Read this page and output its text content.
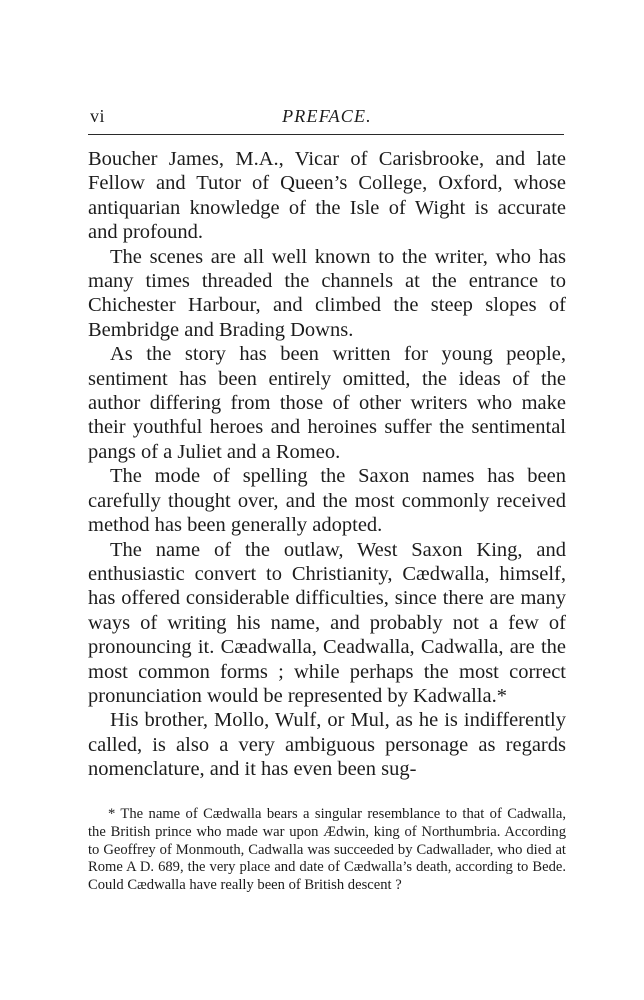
vi	PREFACE.

Boucher James, M.A., Vicar of Carisbrooke, and late Fellow and Tutor of Queen’s College, Oxford, whose antiquarian knowledge of the Isle of Wight is accurate and profound.

The scenes are all well known to the writer, who has many times threaded the channels at the entrance to Chichester Harbour, and climbed the steep slopes of Bembridge and Brading Downs.

As the story has been written for young people, sentiment has been entirely omitted, the ideas of the author differing from those of other writers who make their youthful heroes and heroines suffer the sentimental pangs of a Juliet and a Romeo.

The mode of spelling the Saxon names has been carefully thought over, and the most commonly received method has been generally adopted.

The name of the outlaw, West Saxon King, and enthusiastic convert to Christianity, Cædwalla, himself, has offered considerable difficulties, since there are many ways of writing his name, and probably not a few of pronouncing it. Cæadwalla, Ceadwalla, Cadwalla, are the most common forms ; while perhaps the most correct pronunciation would be represented by Kadwalla.*

His brother, Mollo, Wulf, or Mul, as he is indifferently called, is also a very ambiguous personage as regards nomenclature, and it has even been sug-

* The name of Cædwalla bears a singular resemblance to that of Cadwalla, the British prince who made war upon Ædwin, king of Northumbria. According to Geoffrey of Monmouth, Cadwalla was succeeded by Cadwallader, who died at Rome A D. 689, the very place and date of Cædwalla’s death, according to Bede. Could Cædwalla have really been of British descent ?
